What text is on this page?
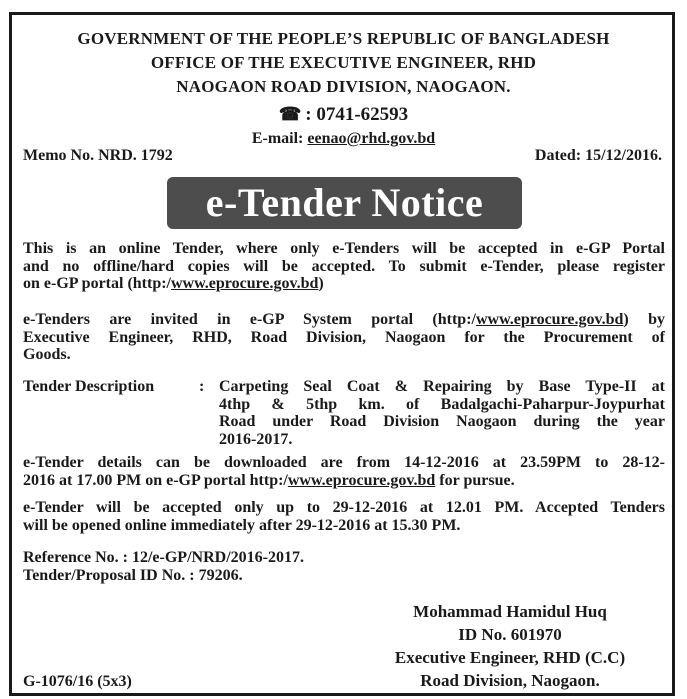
GOVERNMENT OF THE PEOPLE’S REPUBLIC OF BANGLADESH
OFFICE OF THE EXECUTIVE ENGINEER, RHD
NAOGAON ROAD DIVISION, NAOGAON.
☎ : 0741-62593
E-mail: eenao@rhd.gov.bd
Memo No. NRD. 1792	Dated: 15/12/2016.
e-Tender Notice
This is an online Tender, where only e-Tenders will be accepted in e-GP Portal
and no offline/hard copies will be accepted. To submit e-Tender, please register
on e-GP portal (http:/www.eprocure.gov.bd)
e-Tenders are invited in e-GP System portal (http:/www.eprocure.gov.bd) by
Executive Engineer, RHD, Road Division, Naogaon for the Procurement of
Goods.
Tender Description	: Carpeting Seal Coat & Repairing by Base Type-II at
4thp & 5thp km. of Badalgachi-Paharpur-Joypurhat
Road under Road Division Naogaon during the year
2016-2017.
e-Tender details can be downloaded are from 14-12-2016 at 23.59PM to 28-12-
2016 at 17.00 PM on e-GP portal http:/www.eprocure.gov.bd for pursue.
e-Tender will be accepted only up to 29-12-2016 at 12.01 PM. Accepted Tenders
will be opened online immediately after 29-12-2016 at 15.30 PM.
Reference No. : 12/e-GP/NRD/2016-2017.
Tender/Proposal ID No. : 79206.
Mohammad Hamidul Huq
ID No. 601970
Executive Engineer, RHD (C.C)
Road Division, Naogaon.
G-1076/16 (5x3)
